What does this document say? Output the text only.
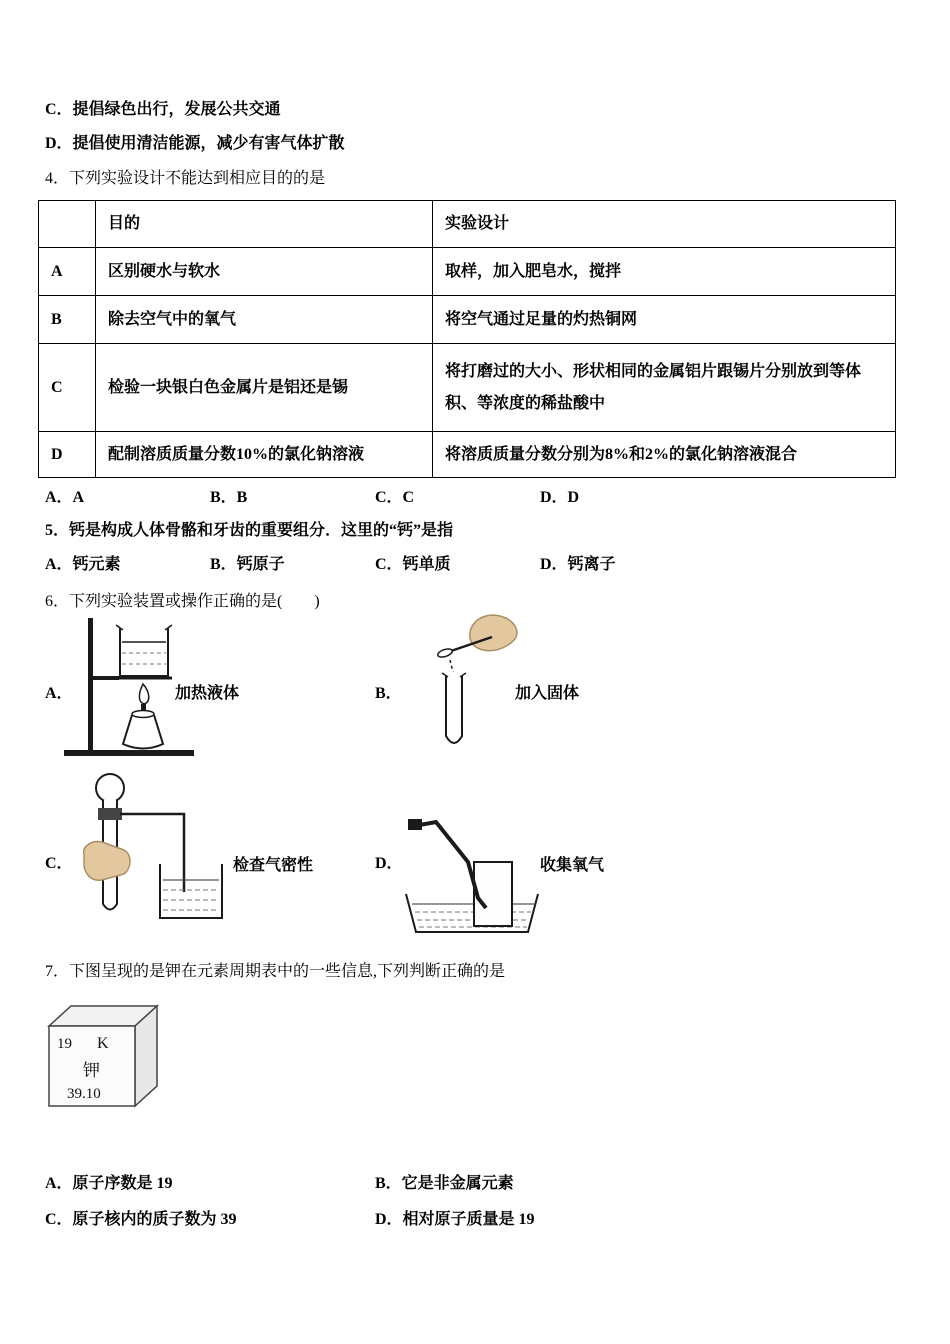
C．提倡绿色出行，发展公共交通
D．提倡使用清洁能源，减少有害气体扩散
4．下列实验设计不能达到相应目的的是
	目的	实验设计
A	区别硬水与软水	取样，加入肥皂水，搅拌
B	除去空气中的氧气	将空气通过足量的灼热铜网
C	检验一块银白色金属片是铝还是锡	将打磨过的大小、形状相同的金属铝片跟锡片分别放到等体积、等浓度的稀盐酸中
D	配制溶质质量分数10%的氯化钠溶液	将溶质质量分数分别为8%和2%的氯化钠溶液混合
A．A	B．B	C．C	D．D
5．钙是构成人体骨骼和牙齿的重要组分．这里的“钙”是指
A．钙元素	B．钙原子	C．钙单质	D．钙离子
6．下列实验装置或操作正确的是(　　)
A．	加热液体	B．	加入固体
C．	检查气密性	D．	收集氧气
7．下图呈现的是钾在元素周期表中的一些信息,下列判断正确的是
19 K
钾
39.10
A．原子序数是 19	B．它是非金属元素
C．原子核内的质子数为 39	D．相对原子质量是 19
